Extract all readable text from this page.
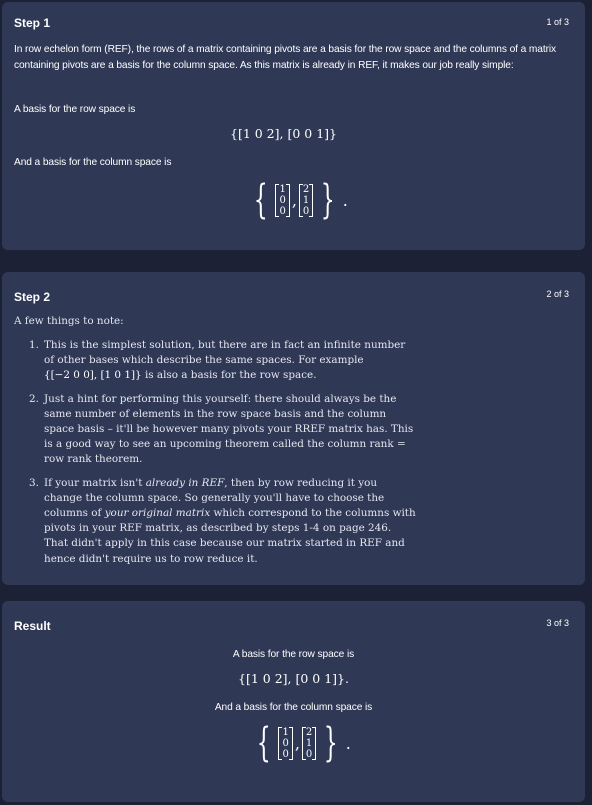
Step 1	1 of 3
In row echelon form (REF), the rows of a matrix containing pivots are a basis for the row space and the columns of a matrix containing pivots are a basis for the column space. As this matrix is already in REF, it makes our job really simple:
A basis for the row space is
{[1 0 2], [0 0 1]}
And a basis for the column space is
{ 1
0
0
,
2
1
0 } .
Step 2	2 of 3
A few things to note:
1. This is the simplest solution, but there are in fact an infinite number of other bases which describe the same spaces. For example {[−2 0 0], [1 0 1]} is also a basis for the row space.
2. Just a hint for performing this yourself: there should always be the same number of elements in the row space basis and the column space basis – it'll be however many pivots your RREF matrix has. This is a good way to see an upcoming theorem called the column rank = row rank theorem.
3. If your matrix isn't already in REF, then by row reducing it you change the column space. So generally you'll have to choose the columns of your original matrix which correspond to the columns with pivots in your REF matrix, as described by steps 1-4 on page 246. That didn't apply in this case because our matrix started in REF and hence didn't require us to row reduce it.
Result	3 of 3
A basis for the row space is
{[1 0 2], [0 0 1]}.
And a basis for the column space is
{ 1
0
0
,
2
1
0 } .
